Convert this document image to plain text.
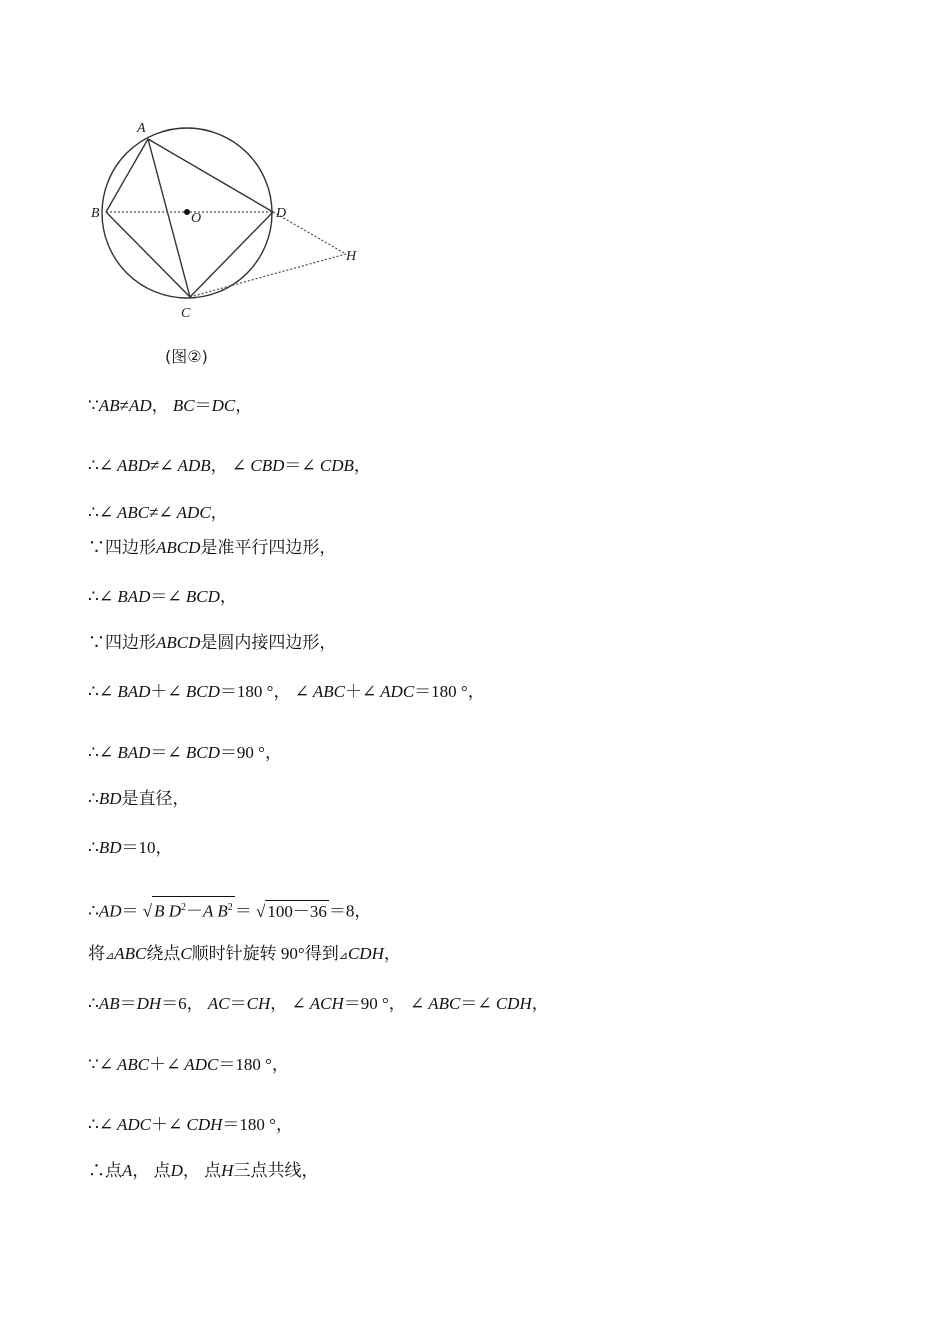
A
B	O	D
H
C
(图②)
∵AB≠AD， BC＝DC，
∴∠ ABD≠∠ ADB， ∠ CBD＝∠ CDB，
∴∠ ABC≠∠ ADC，
∵四边形ABCD是准平行四边形，
∴∠ BAD＝∠ BCD，
∵四边形ABCD是圆内接四边形，
∴∠ BAD＋∠ BCD＝180 °， ∠ ABC＋∠ ADC＝180 °，
∴∠ BAD＝∠ BCD＝90 °，
∴BD是直径，
∴BD＝10，
∴AD＝ √ B $D^2-A$ $B^2$ ＝ √ 100－36 ＝8，
将⊿ABC绕点C顺时针旋转 90°得到⊿CDH，
∴AB＝DH＝6， AC＝CH， ∠ ACH＝90 °， ∠ ABC＝∠ CDH，
∵∠ ABC＋∠ ADC＝180 °，
∴∠ ADC＋∠ CDH＝180 °，
∴点A， 点D， 点H三点共线，
